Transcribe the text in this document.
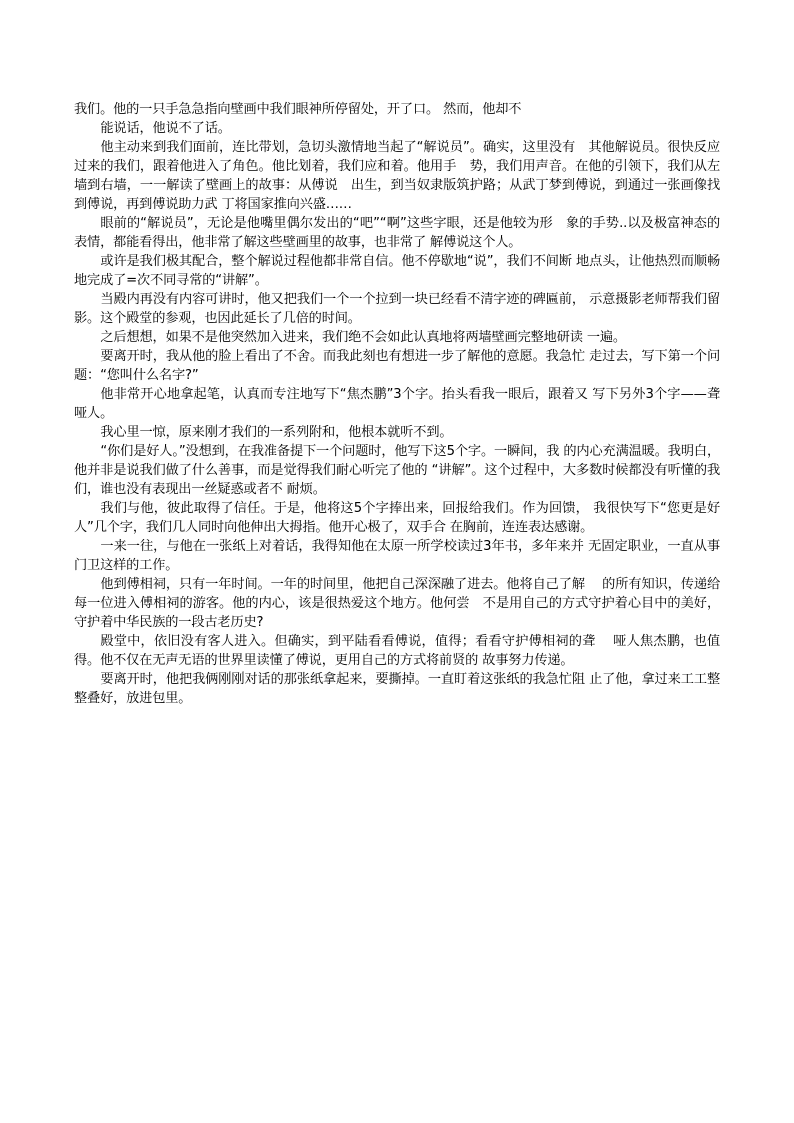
我们。他的一只手急急指向壁画中我们眼神所停留处，开了口。 然而，他却不

能说话，他说不了话。

他主动来到我们面前，连比带划，急切头激情地当起了“解说员”。确实，这里没有　其他解说员。很快反应过来的我们，跟着他进入了角色。他比划着，我们应和着。他用手　势，我们用声音。在他的引领下，我们从左墙到右墙，一一解读了壁画上的故事：从傅说　出生，到当奴隶版筑护路；从武丁梦到傅说，到通过一张画像找到傅说，再到傅说助力武 丁将国家推向兴盛……

眼前的“解说员”，无论是他嘴里偶尔发出的“吧”“啊”这些字眼，还是他较为形　象的手势..以及极富神态的表情，都能看得出，他非常了解这些壁画里的故事，也非常了 解傅说这个人。

或许是我们极其配合，整个解说过程他都非常自信。他不停歇地“说”，我们不间断 地点头，让他热烈而顺畅地完成了=次不同寻常的“讲解”。

当殿内再没有内容可讲时，他又把我们一个一个拉到一块已经看不清字迹的碑匾前， 示意摄影老师帮我们留影。这个殿堂的参观，也因此延长了几倍的时间。

之后想想，如果不是他突然加入进来，我们绝不会如此认真地将两墙壁画完整地研读 一遍。

要离开时，我从他的脸上看出了不舍。而我此刻也有想进一步了解他的意愿。我急忙 走过去，写下第一个问题：“您叫什么名字?”

他非常开心地拿起笔，认真而专注地写下“焦杰鹏”3个字。抬头看我一眼后，跟着又 写下另外3个字——聋哑人。

我心里一惊，原来刚才我们的一系列附和，他根本就听不到。

“你们是好人。”没想到，在我准备提下一个问题时，他写下这5个字。一瞬间，我 的内心充满温暖。我明白，他并非是说我们做了什么善事，而是觉得我们耐心听完了他的 “讲解”。这个过程中，大多数时候都没有听懂的我们，谁也没有表现出一丝疑惑或者不 耐烦。

我们与他，彼此取得了信任。于是，他将这5个字捧出来，回报给我们。作为回馈， 我很快写下“您更是好人”几个字，我们几人同时向他伸出大拇指。他开心极了，双手合 在胸前，连连表达感谢。

一来一往，与他在一张纸上对着话，我得知他在太原一所学校读过3年书，多年来并 无固定职业，一直从事门卫这样的工作。

他到傅相祠，只有一年时间。一年的时间里，他把自己深深融了进去。他将自己了解　 的所有知识，传递给每一位进入傅相祠的游客。他的内心，该是很热爱这个地方。他何尝　不是用自己的方式守护着心目中的美好，守护着中华民族的一段古老历史?

殿堂中，依旧没有客人进入。但确实，到平陆看看傅说，值得；看看守护傅相祠的聋　 哑人焦杰鹏，也值得。他不仅在无声无语的世界里读懂了傅说，更用自己的方式将前贤的 故事努力传递。

要离开时，他把我俩刚刚对话的那张纸拿起来，要撕掉。一直盯着这张纸的我急忙阻 止了他，拿过来工工整整叠好，放进包里。
